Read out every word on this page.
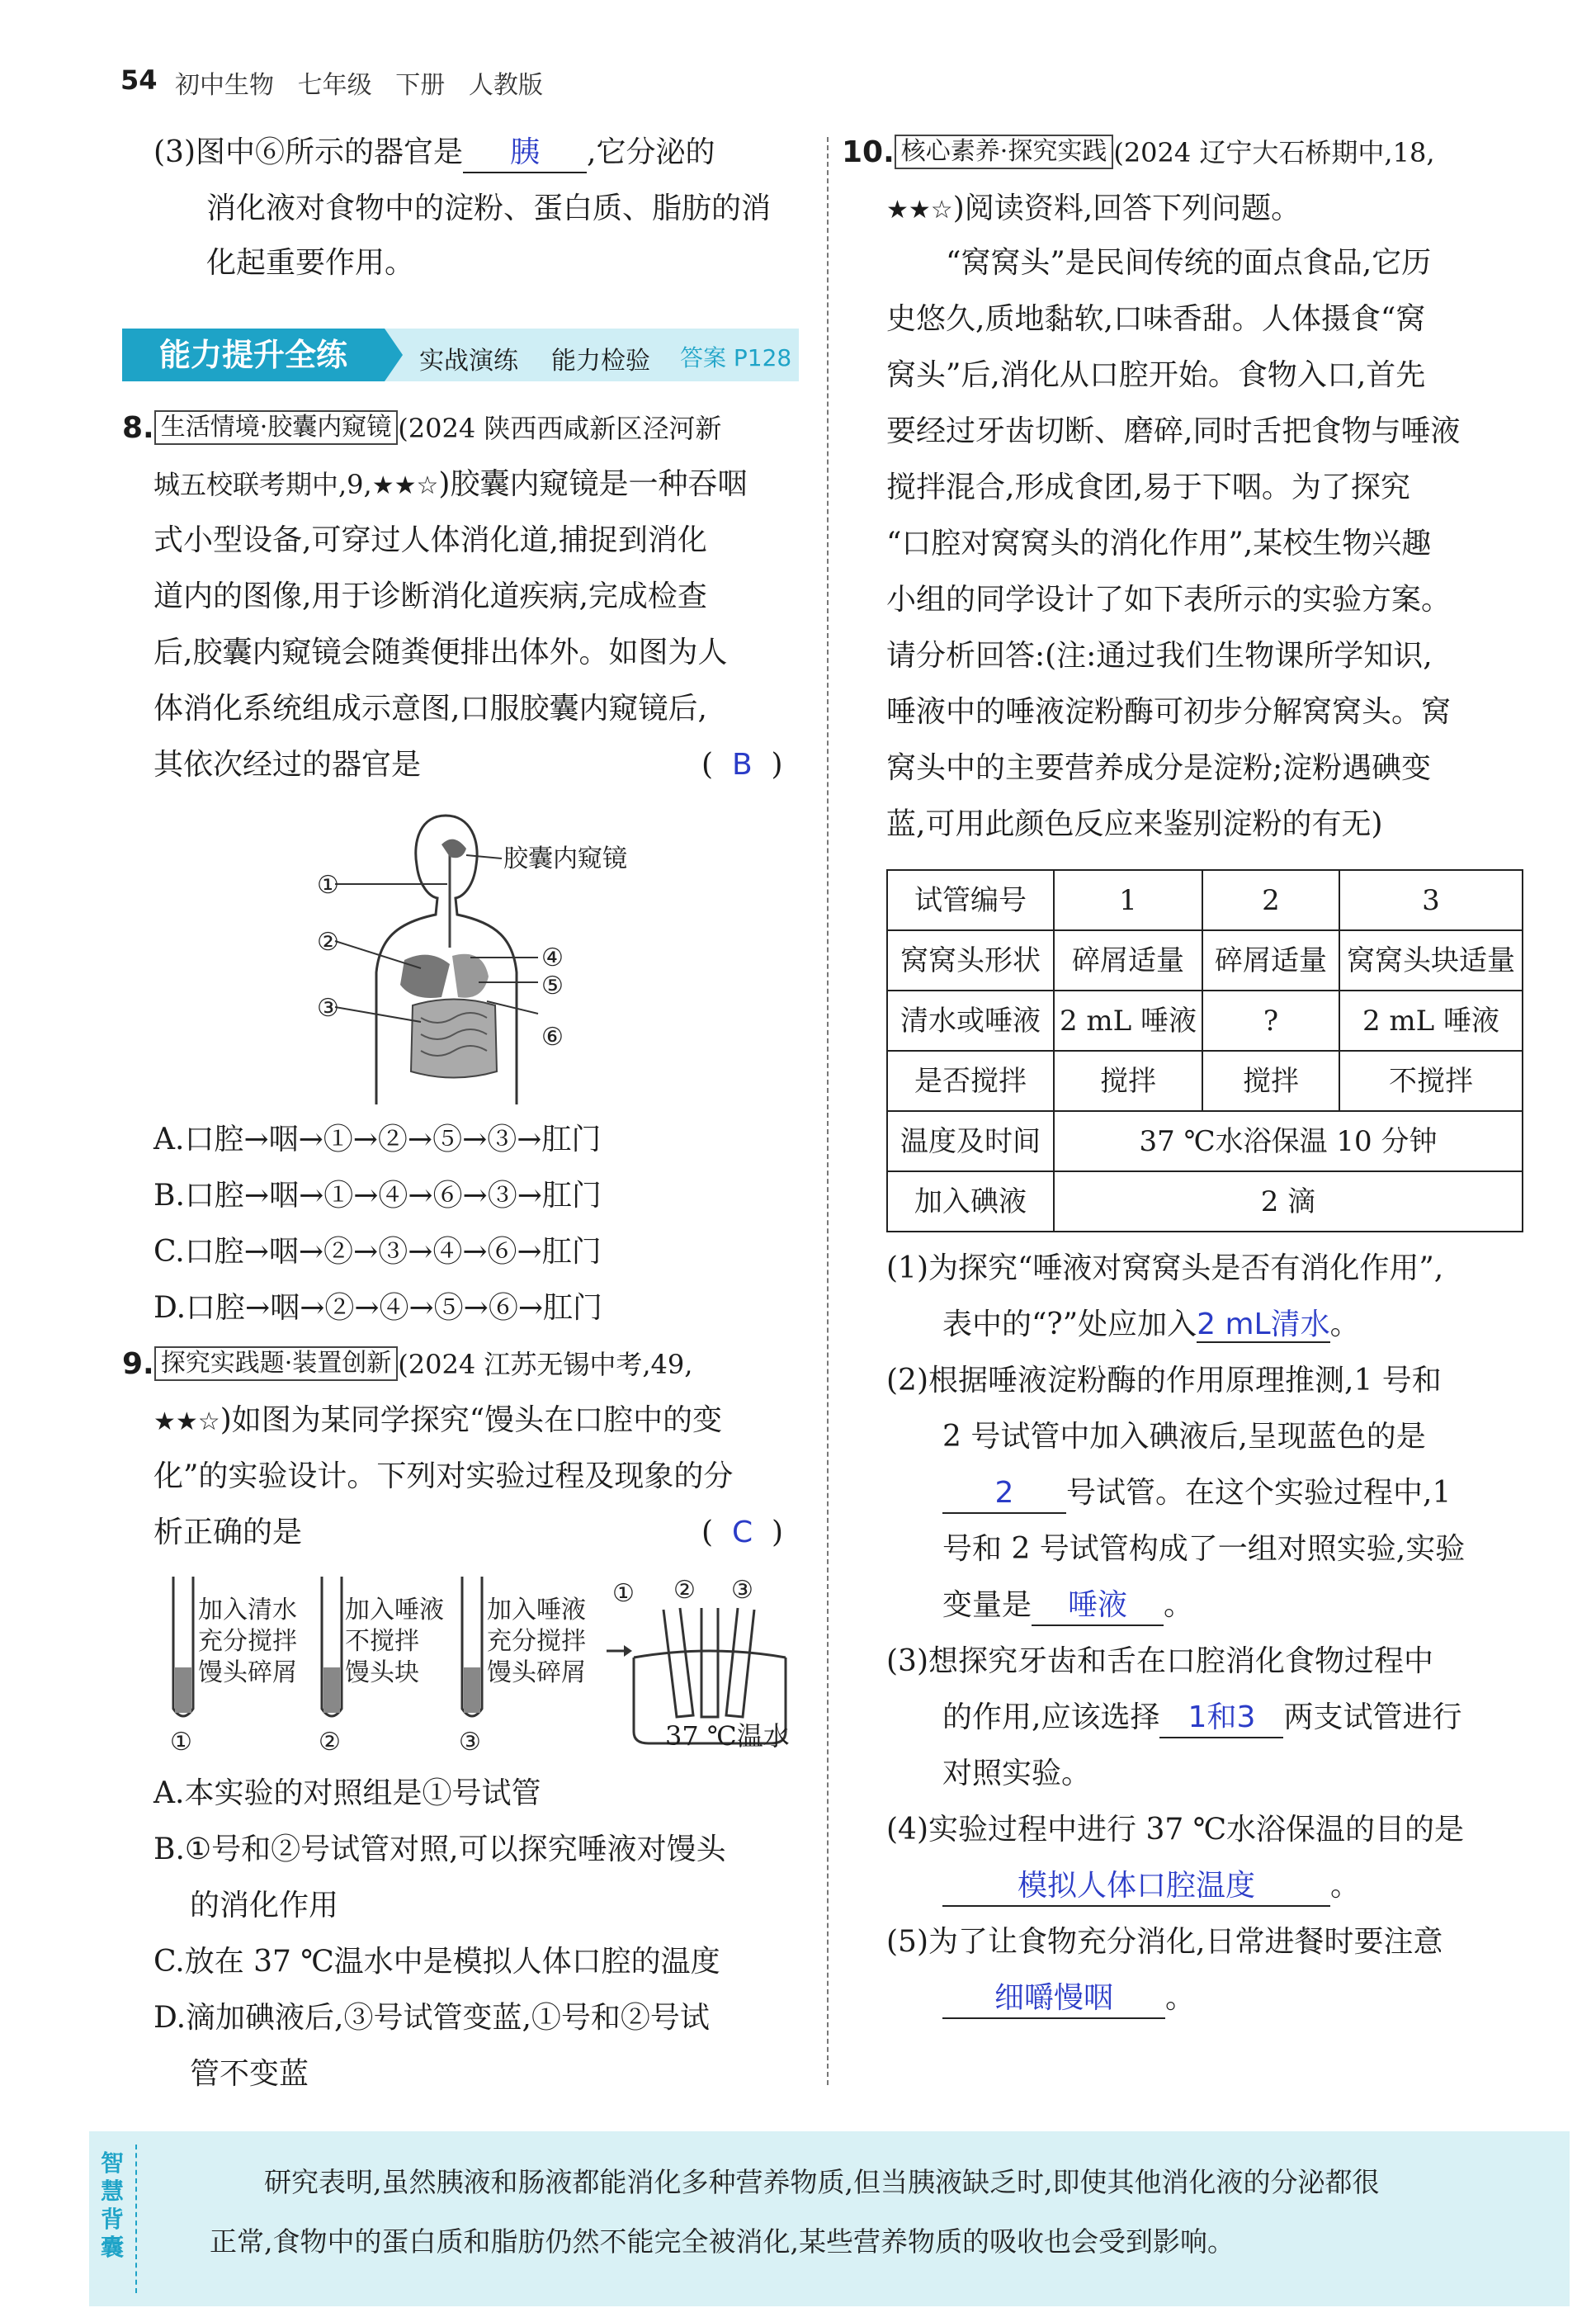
54 初中生物   七年级   下册   人教版
(3)图中⑥所示的器官是 胰 ,它分泌的
消化液对食物中的淀粉、蛋白质、脂肪的消
化起重要作用。
能力提升全练	实战演练 能力检验 答案 P128
8. 生活情境·胶囊内窥镜 (2024 陕西西咸新区泾河新
城五校联考期中,9,★★☆)胶囊内窥镜是一种吞咽
式小型设备,可穿过人体消化道,捕捉到消化
道内的图像,用于诊断消化道疾病,完成检查
后,胶囊内窥镜会随粪便排出体外。如图为人
体消化系统组成示意图,口服胶囊内窥镜后,
其依次经过的器官是	(  B  )
①
②
③
④
⑤
⑥
胶囊内窥镜
A.口腔→咽→①→②→⑤→③→肛门
B.口腔→咽→①→④→⑥→③→肛门
C.口腔→咽→②→③→④→⑥→肛门
D.口腔→咽→②→④→⑤→⑥→肛门
9. 探究实践题·装置创新 (2024 江苏无锡中考,49,
★★☆)如图为某同学探究“馒头在口腔中的变
化”的实验设计。下列对实验过程及现象的分
析正确的是	(  C  )
加入清水
充分搅拌
馒头碎屑
加入唾液
不搅拌
馒头块
加入唾液
充分搅拌
馒头碎屑
①	②	③
① ② ③
37 ℃温水
A.本实验的对照组是①号试管
B.①号和②号试管对照,可以探究唾液对馒头
的消化作用
C.放在 37 ℃温水中是模拟人体口腔的温度
D.滴加碘液后,③号试管变蓝,①号和②号试
管不变蓝
10. 核心素养·探究实践 (2024 辽宁大石桥期中,18,
★★☆)阅读资料,回答下列问题。
“窝窝头”是民间传统的面点食品,它历
史悠久,质地黏软,口味香甜。人体摄食“窝
窝头”后,消化从口腔开始。食物入口,首先
要经过牙齿切断、磨碎,同时舌把食物与唾液
搅拌混合,形成食团,易于下咽。为了探究
“口腔对窝窝头的消化作用”,某校生物兴趣
小组的同学设计了如下表所示的实验方案。
请分析回答:(注:通过我们生物课所学知识,
唾液中的唾液淀粉酶可初步分解窝窝头。窝
窝头中的主要营养成分是淀粉;淀粉遇碘变
蓝,可用此颜色反应来鉴别淀粉的有无)
试管编号	1	2	3
窝窝头形状	碎屑适量	碎屑适量	窝窝头块适量
清水或唾液	2 mL 唾液	?	2 mL 唾液
是否搅拌	搅拌	搅拌	不搅拌
温度及时间	37 ℃水浴保温 10 分钟		
加入碘液	2 滴		
(1)为探究“唾液对窝窝头是否有消化作用”,
表中的“?”处应加入2 mL清水。
(2)根据唾液淀粉酶的作用原理推测,1 号和
2 号试管中加入碘液后,呈现蓝色的是
2 号试管。在这个实验过程中,1
号和 2 号试管构成了一组对照实验,实验
变量是 唾液 。
(3)想探究牙齿和舌在口腔消化食物过程中
的作用,应该选择 1和3 两支试管进行
对照实验。
(4)实验过程中进行 37 ℃水浴保温的目的是
模拟人体口腔温度	。
(5)为了让食物充分消化,日常进餐时要注意
细嚼慢咽 。
智慧背囊
研究表明,虽然胰液和肠液都能消化多种营养物质,但当胰液缺乏时,即使其他消化液的分泌都很
正常,食物中的蛋白质和脂肪仍然不能完全被消化,某些营养物质的吸收也会受到影响。
